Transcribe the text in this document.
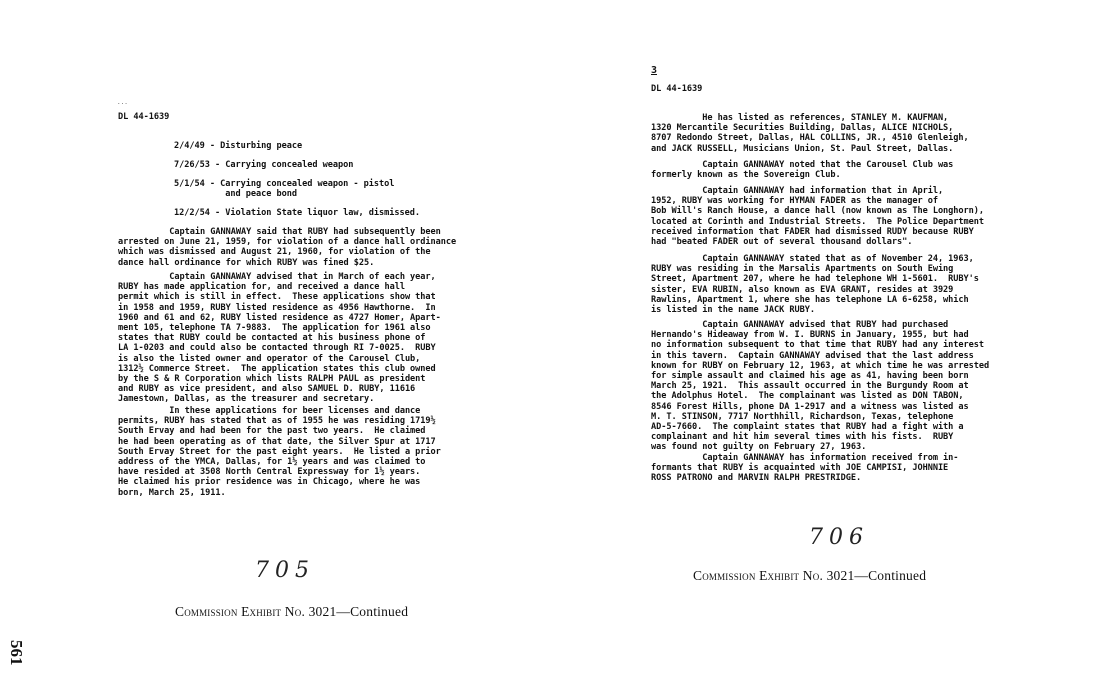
...
DL 44-1639
2/4/49 - Disturbing peace
7/26/53 - Carrying concealed weapon
5/1/54 - Carrying concealed weapon - pistol
and peace bond
12/2/54 - Violation State liquor law, dismissed.
Captain GANNAWAY said that RUBY had subsequently been
arrested on June 21, 1959, for violation of a dance hall ordinance
which was dismissed and August 21, 1960, for violation of the
dance hall ordinance for which RUBY was fined $25.
Captain GANNAWAY advised that in March of each year,
RUBY has made application for, and received a dance hall
permit which is still in effect.  These applications show that
in 1958 and 1959, RUBY listed residence as 4956 Hawthorne.  In
1960 and 61 and 62, RUBY listed residence as 4727 Homer, Apart-
ment 105, telephone TA 7-9883.  The application for 1961 also
states that RUBY could be contacted at his business phone of
LA 1-0203 and could also be contacted through RI 7-0025.  RUBY
is also the listed owner and operator of the Carousel Club,
1312½ Commerce Street.  The application states this club owned
by the S & R Corporation which lists RALPH PAUL as president
and RUBY as vice president, and also SAMUEL D. RUBY, 11616
Jamestown, Dallas, as the treasurer and secretary.
In these applications for beer licenses and dance
permits, RUBY has stated that as of 1955 he was residing 1719½
South Ervay and had been for the past two years.  He claimed
he had been operating as of that date, the Silver Spur at 1717
South Ervay Street for the past eight years.  He listed a prior
address of the YMCA, Dallas, for 1½ years and was claimed to
have resided at 3508 North Central Expressway for 1½ years.
He claimed his prior residence was in Chicago, where he was
born, March 25, 1911.
705
Commission Exhibit No. 3021—Continued
561
3
DL 44-1639
He has listed as references, STANLEY M. KAUFMAN,
1320 Mercantile Securities Building, Dallas, ALICE NICHOLS,
8707 Redondo Street, Dallas, HAL COLLINS, JR., 4510 Glenleigh,
and JACK RUSSELL, Musicians Union, St. Paul Street, Dallas.
Captain GANNAWAY noted that the Carousel Club was
formerly known as the Sovereign Club.
Captain GANNAWAY had information that in April,
1952, RUBY was working for HYMAN FADER as the manager of
Bob Will's Ranch House, a dance hall (now known as The Longhorn),
located at Corinth and Industrial Streets.  The Police Department
received information that FADER had dismissed RUDY because RUBY
had "beated FADER out of several thousand dollars".
Captain GANNAWAY stated that as of November 24, 1963,
RUBY was residing in the Marsalis Apartments on South Ewing
Street, Apartment 207, where he had telephone WH 1-5601.  RUBY's
sister, EVA RUBIN, also known as EVA GRANT, resides at 3929
Rawlins, Apartment 1, where she has telephone LA 6-6258, which
is listed in the name JACK RUBY.
Captain GANNAWAY advised that RUBY had purchased
Hernando's Hideaway from W. I. BURNS in January, 1955, but had
no information subsequent to that time that RUBY had any interest
in this tavern.  Captain GANNAWAY advised that the last address
known for RUBY on February 12, 1963, at which time he was arrested
for simple assault and claimed his age as 41, having been born
March 25, 1921.  This assault occurred in the Burgundy Room at
the Adolphus Hotel.  The complainant was listed as DON TABON,
8546 Forest Hills, phone DA 1-2917 and a witness was listed as
M. T. STINSON, 7717 Northhill, Richardson, Texas, telephone
AD-5-7660.  The complaint states that RUBY had a fight with a
complainant and hit him several times with his fists.  RUBY
was found not guilty on February 27, 1963.
Captain GANNAWAY has information received from in-
formants that RUBY is acquainted with JOE CAMPISI, JOHNNIE
ROSS PATRONO and MARVIN RALPH PRESTRIDGE.
706
Commission Exhibit No. 3021—Continued
